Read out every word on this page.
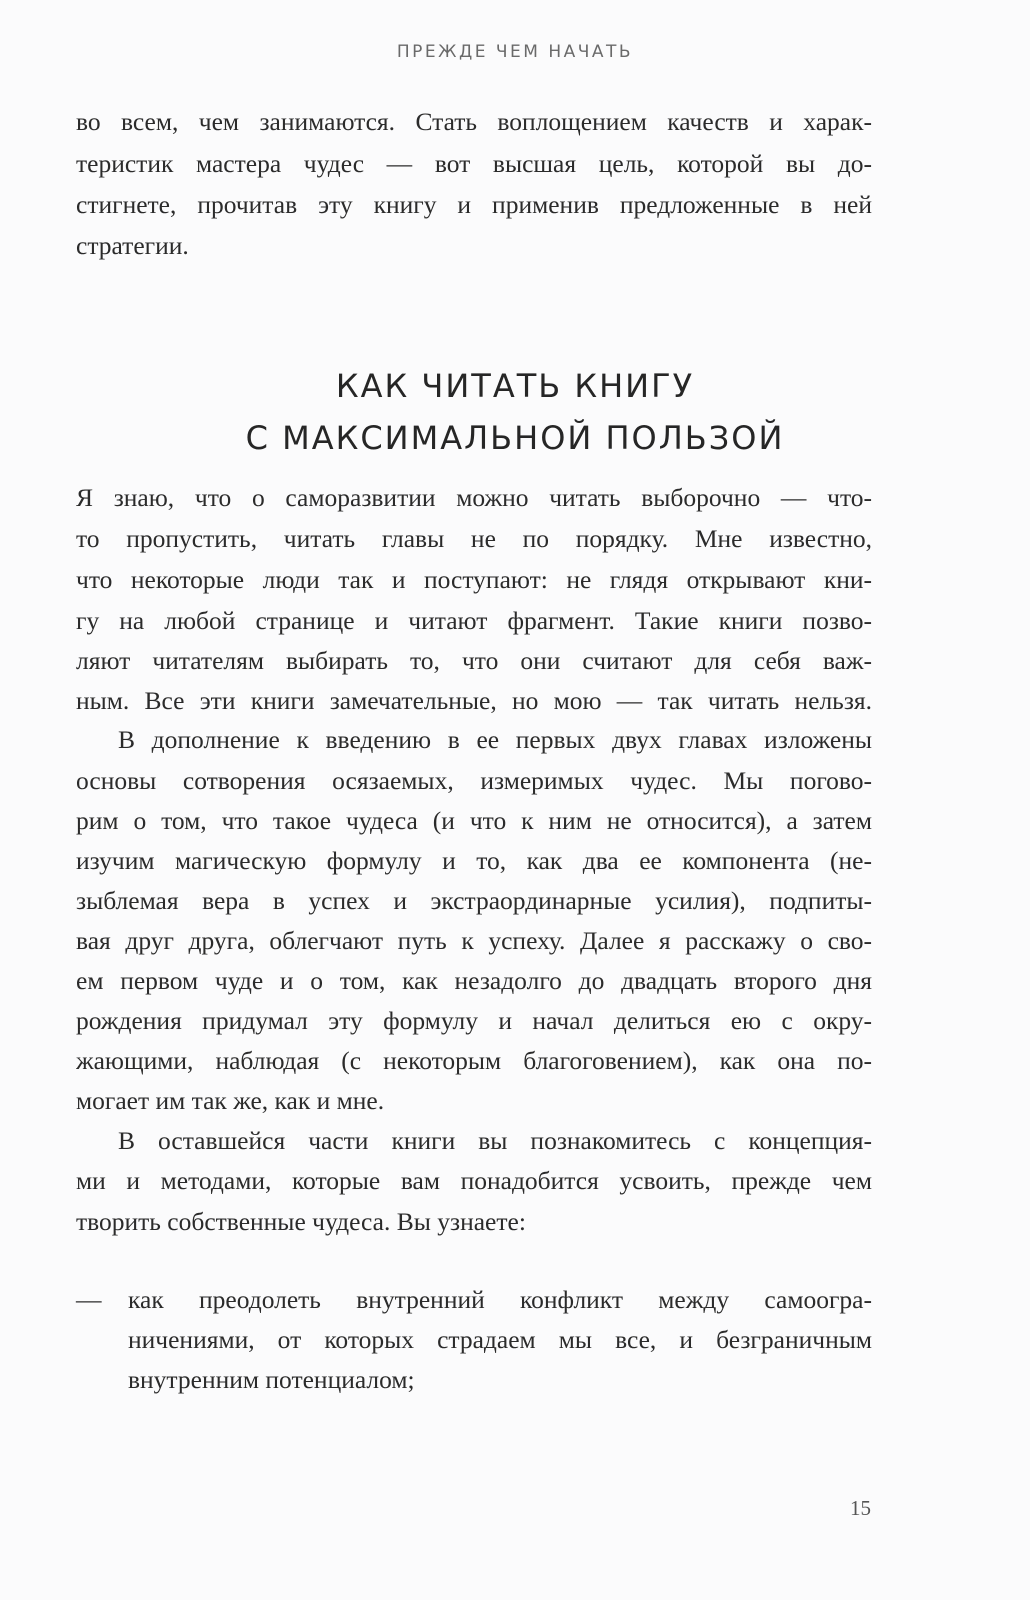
ПРЕЖДЕ ЧЕМ НАЧАТЬ
во всем, чем занимаются. Стать воплощением качеств и харак-
теристик мастера чудес — вот высшая цель, которой вы до-
стигнете, прочитав эту книгу и применив предложенные в ней
стратегии.
КАК ЧИТАТЬ КНИГУ
С МАКСИМАЛЬНОЙ ПОЛЬЗОЙ
Я знаю, что о саморазвитии можно читать выборочно — что-
то пропустить, читать главы не по порядку. Мне известно,
что некоторые люди так и поступают: не глядя открывают кни-
гу на любой странице и читают фрагмент. Такие книги позво-
ляют читателям выбирать то, что они считают для себя важ-
ным. Все эти книги замечательные, но мою — так читать нельзя.
В дополнение к введению в ее первых двух главах изложены
основы сотворения осязаемых, измеримых чудес. Мы погово-
рим о том, что такое чудеса (и что к ним не относится), а затем
изучим магическую формулу и то, как два ее компонента (не-
зыблемая вера в успех и экстраординарные усилия), подпиты-
вая друг друга, облегчают путь к успеху. Далее я расскажу о сво-
ем первом чуде и о том, как незадолго до двадцать второго дня
рождения придумал эту формулу и начал делиться ею с окру-
жающими, наблюдая (с некоторым благоговением), как она по-
могает им так же, как и мне.
В оставшейся части книги вы познакомитесь с концепция-
ми и методами, которые вам понадобится усвоить, прежде чем
творить собственные чудеса. Вы узнаете:
—	как преодолеть внутренний конфликт между самоогра-
ничениями, от которых страдаем мы все, и безграничным
внутренним потенциалом;
15
